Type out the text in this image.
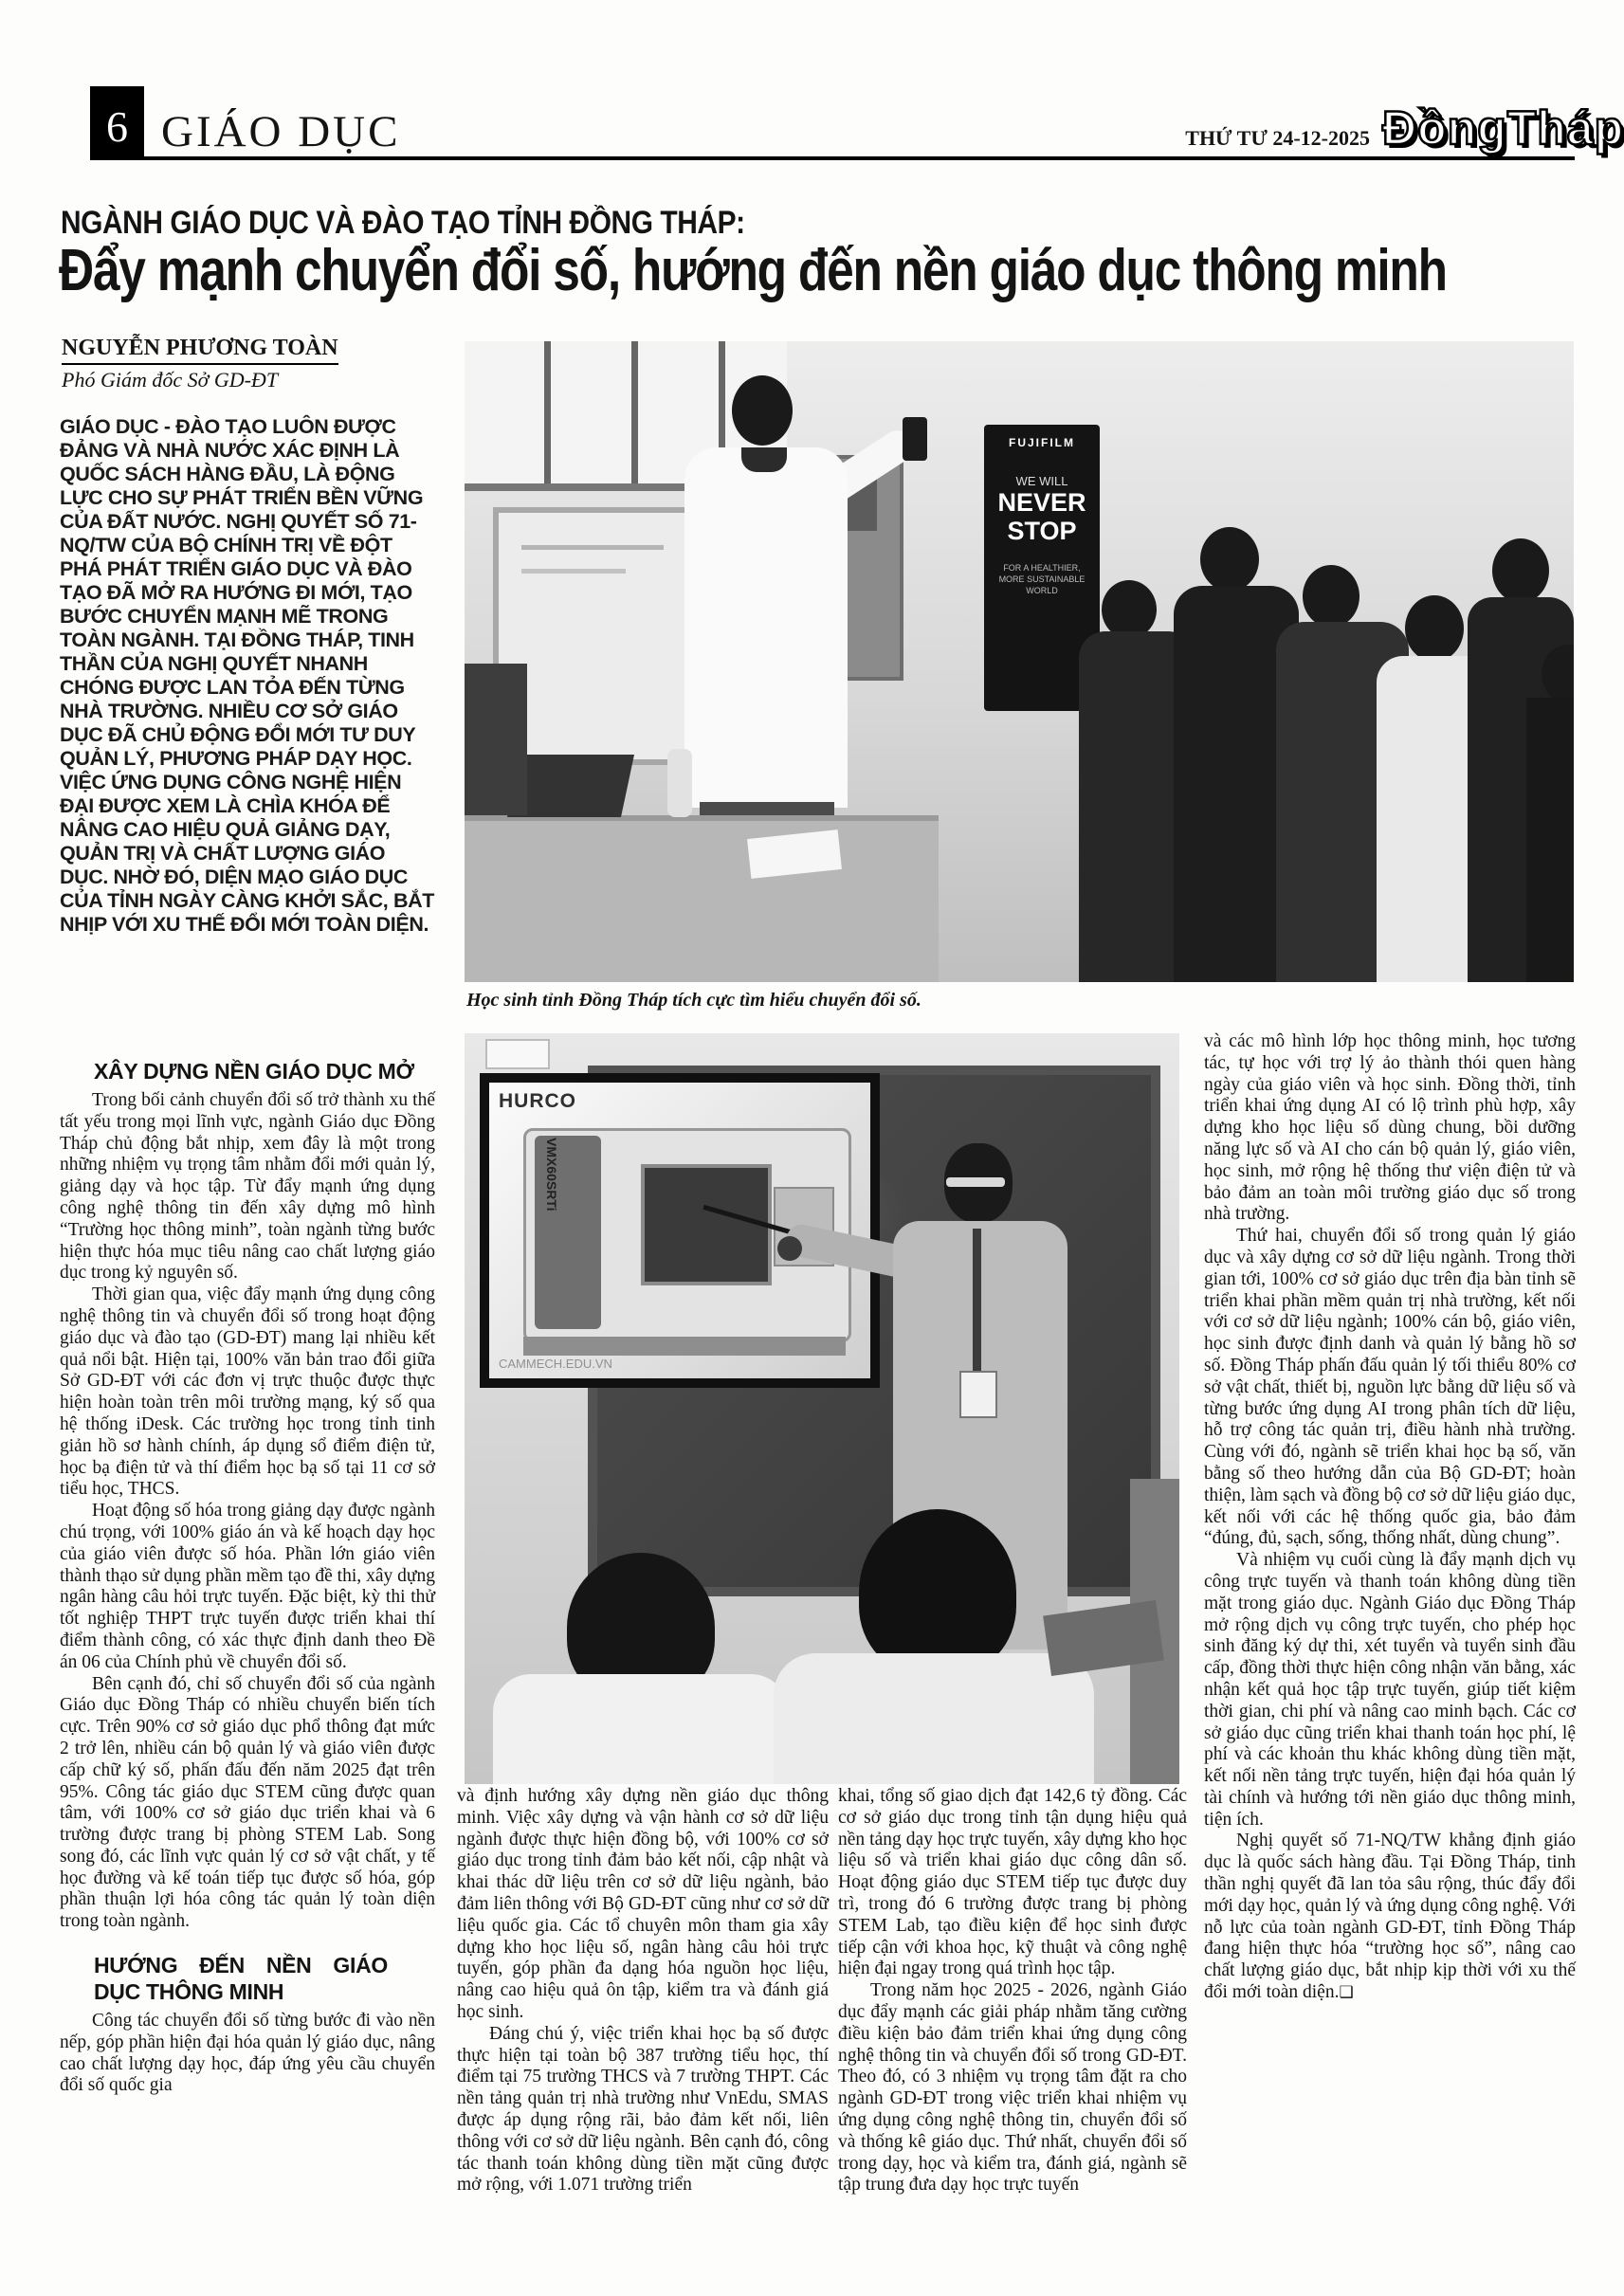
6 GIÁO DỤC	THỨ TƯ 24-12-2025 ĐồngTháp
NGÀNH GIÁO DỤC VÀ ĐÀO TẠO TỈNH ĐỒNG THÁP:
Đẩy mạnh chuyển đổi số, hướng đến nền giáo dục thông minh
NGUYỄN PHƯƠNG TOÀN
Phó Giám đốc Sở GD-ĐT
GIÁO DỤC - ĐÀO TẠO LUÔN ĐƯỢC ĐẢNG VÀ NHÀ NƯỚC XÁC ĐỊNH LÀ QUỐC SÁCH HÀNG ĐẦU, LÀ ĐỘNG LỰC CHO SỰ PHÁT TRIỂN BỀN VỮNG CỦA ĐẤT NƯỚC. NGHỊ QUYẾT SỐ 71-NQ/TW CỦA BỘ CHÍNH TRỊ VỀ ĐỘT PHÁ PHÁT TRIỂN GIÁO DỤC VÀ ĐÀO TẠO ĐÃ MỞ RA HƯỚNG ĐI MỚI, TẠO BƯỚC CHUYỂN MẠNH MẼ TRONG TOÀN NGÀNH. TẠI ĐỒNG THÁP, TINH THẦN CỦA NGHỊ QUYẾT NHANH CHÓNG ĐƯỢC LAN TỎA ĐẾN TỪNG NHÀ TRƯỜNG. NHIỀU CƠ SỞ GIÁO DỤC ĐÃ CHỦ ĐỘNG ĐỔI MỚI TƯ DUY QUẢN LÝ, PHƯƠNG PHÁP DẠY HỌC. VIỆC ỨNG DỤNG CÔNG NGHỆ HIỆN ĐẠI ĐƯỢC XEM LÀ CHÌA KHÓA ĐỂ NÂNG CAO HIỆU QUẢ GIẢNG DẠY, QUẢN TRỊ VÀ CHẤT LƯỢNG GIÁO DỤC. NHỜ ĐÓ, DIỆN MẠO GIÁO DỤC CỦA TỈNH NGÀY CÀNG KHỞI SẮC, BẮT NHỊP VỚI XU THẾ ĐỔI MỚI TOÀN DIỆN.
FUJIFILM
WE WILL
NEVER
STOP
FOR A HEALTHIER, MORE SUSTAINABLE WORLD
Học sinh tỉnh Đồng Tháp tích cực tìm hiểu chuyển đổi số.
XÂY DỰNG NỀN GIÁO DỤC MỞ

Trong bối cảnh chuyển đổi số trở thành xu thế tất yếu trong mọi lĩnh vực, ngành Giáo dục Đồng Tháp chủ động bắt nhịp, xem đây là một trong những nhiệm vụ trọng tâm nhằm đổi mới quản lý, giảng dạy và học tập. Từ đẩy mạnh ứng dụng công nghệ thông tin đến xây dựng mô hình “Trường học thông minh”, toàn ngành từng bước hiện thực hóa mục tiêu nâng cao chất lượng giáo dục trong kỷ nguyên số.

Thời gian qua, việc đẩy mạnh ứng dụng công nghệ thông tin và chuyển đổi số trong hoạt động giáo dục và đào tạo (GD-ĐT) mang lại nhiều kết quả nổi bật. Hiện tại, 100% văn bản trao đổi giữa Sở GD-ĐT với các đơn vị trực thuộc được thực hiện hoàn toàn trên môi trường mạng, ký số qua hệ thống iDesk. Các trường học trong tỉnh tinh giản hồ sơ hành chính, áp dụng sổ điểm điện tử, học bạ điện tử và thí điểm học bạ số tại 11 cơ sở tiểu học, THCS.

Hoạt động số hóa trong giảng dạy được ngành chú trọng, với 100% giáo án và kế hoạch dạy học của giáo viên được số hóa. Phần lớn giáo viên thành thạo sử dụng phần mềm tạo đề thi, xây dựng ngân hàng câu hỏi trực tuyến. Đặc biệt, kỳ thi thử tốt nghiệp THPT trực tuyến được triển khai thí điểm thành công, có xác thực định danh theo Đề án 06 của Chính phủ về chuyển đổi số.

Bên cạnh đó, chỉ số chuyển đổi số của ngành Giáo dục Đồng Tháp có nhiều chuyển biến tích cực. Trên 90% cơ sở giáo dục phổ thông đạt mức 2 trở lên, nhiều cán bộ quản lý và giáo viên được cấp chữ ký số, phấn đấu đến năm 2025 đạt trên 95%. Công tác giáo dục STEM cũng được quan tâm, với 100% cơ sở giáo dục triển khai và 6 trường được trang bị phòng STEM Lab. Song song đó, các lĩnh vực quản lý cơ sở vật chất, y tế học đường và kế toán tiếp tục được số hóa, góp phần thuận lợi hóa công tác quản lý toàn diện trong toàn ngành.

HƯỚNG ĐẾN NỀN GIÁO DỤC THÔNG MINH

Công tác chuyển đổi số từng bước đi vào nền nếp, góp phần hiện đại hóa quản lý giáo dục, nâng cao chất lượng dạy học, đáp ứng yêu cầu chuyển đổi số quốc gia

HURCO
VMX60SRTi
CAMMECH.EDU.VN

và định hướng xây dựng nền giáo dục thông minh. Việc xây dựng và vận hành cơ sở dữ liệu ngành được thực hiện đồng bộ, với 100% cơ sở giáo dục trong tỉnh đảm bảo kết nối, cập nhật và khai thác dữ liệu trên cơ sở dữ liệu ngành, bảo đảm liên thông với Bộ GD-ĐT cũng như cơ sở dữ liệu quốc gia. Các tổ chuyên môn tham gia xây dựng kho học liệu số, ngân hàng câu hỏi trực tuyến, góp phần đa dạng hóa nguồn học liệu, nâng cao hiệu quả ôn tập, kiểm tra và đánh giá học sinh.

Đáng chú ý, việc triển khai học bạ số được thực hiện tại toàn bộ 387 trường tiểu học, thí điểm tại 75 trường THCS và 7 trường THPT. Các nền tảng quản trị nhà trường như VnEdu, SMAS được áp dụng rộng rãi, bảo đảm kết nối, liên thông với cơ sở dữ liệu ngành. Bên cạnh đó, công tác thanh toán không dùng tiền mặt cũng được mở rộng, với 1.071 trường triển

khai, tổng số giao dịch đạt 142,6 tỷ đồng. Các cơ sở giáo dục trong tỉnh tận dụng hiệu quả nền tảng dạy học trực tuyến, xây dựng kho học liệu số và triển khai giáo dục công dân số. Hoạt động giáo dục STEM tiếp tục được duy trì, trong đó 6 trường được trang bị phòng STEM Lab, tạo điều kiện để học sinh được tiếp cận với khoa học, kỹ thuật và công nghệ hiện đại ngay trong quá trình học tập.

Trong năm học 2025 - 2026, ngành Giáo dục đẩy mạnh các giải pháp nhằm tăng cường điều kiện bảo đảm triển khai ứng dụng công nghệ thông tin và chuyển đổi số trong GD-ĐT. Theo đó, có 3 nhiệm vụ trọng tâm đặt ra cho ngành GD-ĐT trong việc triển khai nhiệm vụ ứng dụng công nghệ thông tin, chuyển đổi số và thống kê giáo dục. Thứ nhất, chuyển đổi số trong dạy, học và kiểm tra, đánh giá, ngành sẽ tập trung đưa dạy học trực tuyến

và các mô hình lớp học thông minh, học tương tác, tự học với trợ lý ảo thành thói quen hàng ngày của giáo viên và học sinh. Đồng thời, tỉnh triển khai ứng dụng AI có lộ trình phù hợp, xây dựng kho học liệu số dùng chung, bồi dưỡng năng lực số và AI cho cán bộ quản lý, giáo viên, học sinh, mở rộng hệ thống thư viện điện tử và bảo đảm an toàn môi trường giáo dục số trong nhà trường.

Thứ hai, chuyển đổi số trong quản lý giáo dục và xây dựng cơ sở dữ liệu ngành. Trong thời gian tới, 100% cơ sở giáo dục trên địa bàn tỉnh sẽ triển khai phần mềm quản trị nhà trường, kết nối với cơ sở dữ liệu ngành; 100% cán bộ, giáo viên, học sinh được định danh và quản lý bằng hồ sơ số. Đồng Tháp phấn đấu quản lý tối thiểu 80% cơ sở vật chất, thiết bị, nguồn lực bằng dữ liệu số và từng bước ứng dụng AI trong phân tích dữ liệu, hỗ trợ công tác quản trị, điều hành nhà trường. Cùng với đó, ngành sẽ triển khai học bạ số, văn bằng số theo hướng dẫn của Bộ GD-ĐT; hoàn thiện, làm sạch và đồng bộ cơ sở dữ liệu giáo dục, kết nối với các hệ thống quốc gia, bảo đảm “đúng, đủ, sạch, sống, thống nhất, dùng chung”.

Và nhiệm vụ cuối cùng là đẩy mạnh dịch vụ công trực tuyến và thanh toán không dùng tiền mặt trong giáo dục. Ngành Giáo dục Đồng Tháp mở rộng dịch vụ công trực tuyến, cho phép học sinh đăng ký dự thi, xét tuyển và tuyển sinh đầu cấp, đồng thời thực hiện công nhận văn bằng, xác nhận kết quả học tập trực tuyến, giúp tiết kiệm thời gian, chi phí và nâng cao minh bạch. Các cơ sở giáo dục cũng triển khai thanh toán học phí, lệ phí và các khoản thu khác không dùng tiền mặt, kết nối nền tảng trực tuyến, hiện đại hóa quản lý tài chính và hướng tới nền giáo dục thông minh, tiện ích.

Nghị quyết số 71-NQ/TW khẳng định giáo dục là quốc sách hàng đầu. Tại Đồng Tháp, tinh thần nghị quyết đã lan tỏa sâu rộng, thúc đẩy đổi mới dạy học, quản lý và ứng dụng công nghệ. Với nỗ lực của toàn ngành GD-ĐT, tỉnh Đồng Tháp đang hiện thực hóa “trường học số”, nâng cao chất lượng giáo dục, bắt nhịp kịp thời với xu thế đổi mới toàn diện.❑
